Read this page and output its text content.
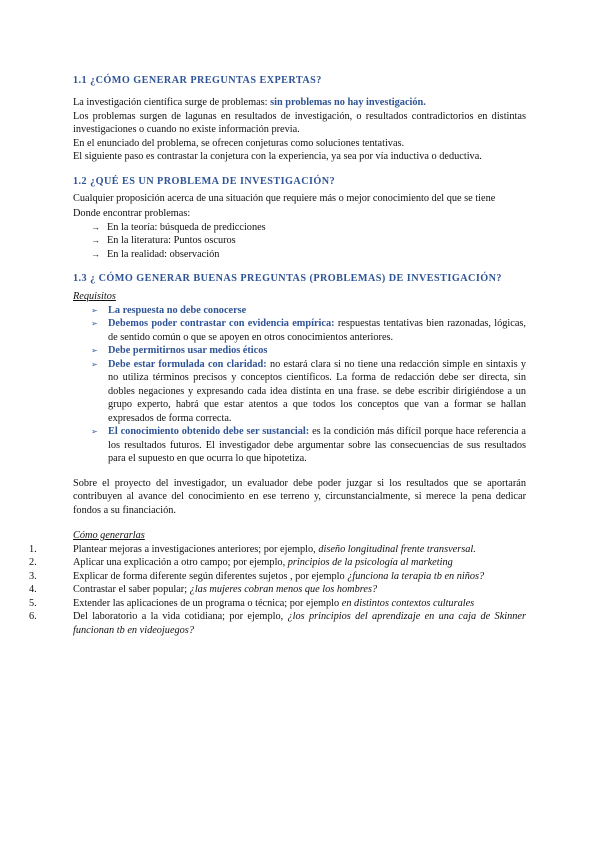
1.1 ¿CÓMO GENERAR PREGUNTAS EXPERTAS?

La investigación científica surge de problemas: sin problemas no hay investigación.

Los problemas surgen de lagunas en resultados de investigación, o resultados contradictorios en distintas investigaciones o cuando no existe información previa.

En el enunciado del problema, se ofrecen conjeturas como soluciones tentativas.

El siguiente paso es contrastar la conjetura con la experiencia, ya sea por vía inductiva o deductiva.

1.2 ¿QUÉ ES UN PROBLEMA DE INVESTIGACIÓN?

Cualquier proposición acerca de una situación que requiere más o mejor conocimiento del que se tiene

Donde encontrar problemas:

→ En la teoría: búsqueda de predicciones
→ En la literatura: Puntos oscuros
→ En la realidad: observación
1.3 ¿ CÓMO GENERAR BUENAS PREGUNTAS (PROBLEMAS) DE INVESTIGACIÓN?

Requisitos

➢ La respuesta no debe conocerse
➢ Debemos poder contrastar con evidencia empírica: respuestas tentativas bien razonadas, lógicas, de sentido común o que se apoyen en otros conocimientos anteriores.
➢ Debe permitirnos usar medios éticos
➢ Debe estar formulada con claridad: no estará clara si no tiene una redacción simple en sintaxis y no utiliza términos precisos y conceptos científicos. La forma de redacción debe ser directa, sin dobles negaciones y expresando cada idea distinta en una frase. se debe escribir dirigiéndose a un grupo experto, habrá que estar atentos a que todos los conceptos que van a formar se hallan expresados de forma correcta.
➢ El conocimiento obtenido debe ser sustancial: es la condición más difícil porque hace referencia a los resultados futuros. El investigador debe argumentar sobre las consecuencias de sus resultados para el supuesto en que ocurra lo que hipotetiza.

Sobre el proyecto del investigador, un evaluador debe poder juzgar si los resultados que se aportarán contribuyen al avance del conocimiento en ese terreno y, circunstancialmente, si merece la pena dedicar fondos a su financiación.

Cómo generarlas

1.	Plantear mejoras a investigaciones anteriores; por ejemplo, diseño longitudinal frente transversal.
2.	Aplicar una explicación a otro campo; por ejemplo, principios de la psicología al marketing
3.	Explicar de forma diferente según diferentes sujetos , por ejemplo ¿funciona la terapia tb en niños?
4.	Contrastar el saber popular; ¿las mujeres cobran menos que los hombres?
5.	Extender las aplicaciones de un programa o técnica; por ejemplo en distintos contextos culturales
6.	Del laboratorio a la vida cotidiana; por ejemplo, ¿los principios del aprendizaje en una caja de Skinner funcionan tb en videojuegos?
